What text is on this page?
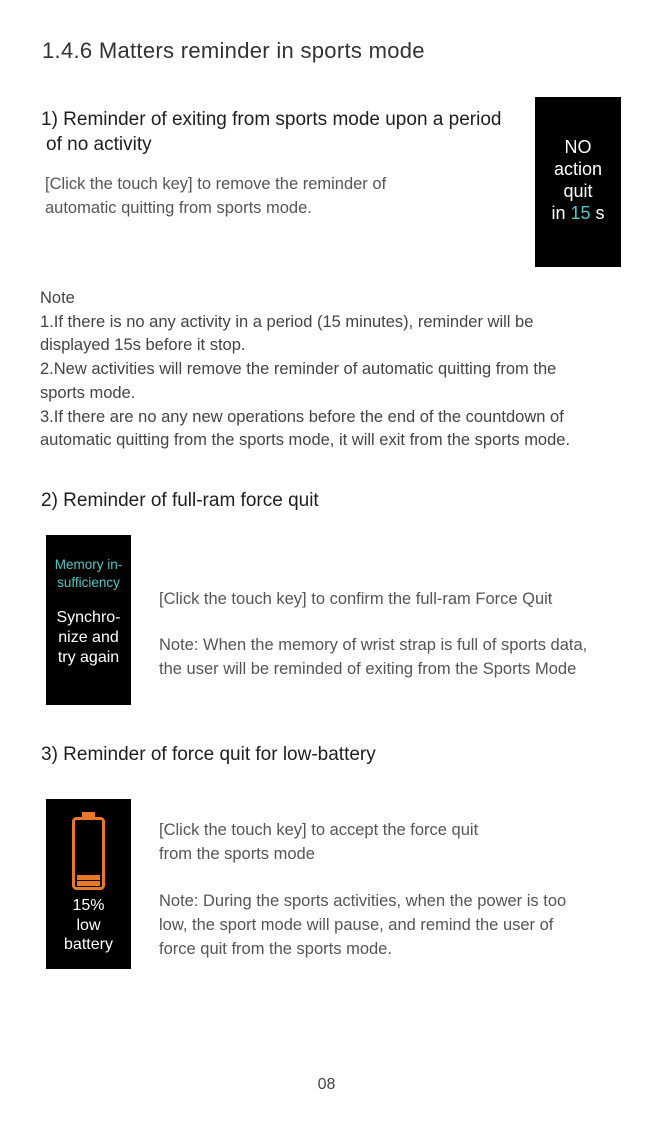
1.4.6 Matters reminder in sports mode
1) Reminder of exiting from sports mode upon a period
of no activity
[Click the touch key] to remove the reminder of
automatic quitting from sports mode.
NO
action
quit
in 15 s
Note
1.If there is no any activity in a period (15 minutes), reminder will be
displayed 15s before it stop.
2.New activities will remove the reminder of automatic quitting from the
sports mode.
3.If there are no any new operations before the end of the countdown of
automatic quitting from the sports mode, it will exit from the sports mode.
2) Reminder of full-ram force quit
Memory in-
sufficiency
Synchro-
nize and
try again
[Click the touch key] to confirm the full-ram Force Quit
Note: When the memory of wrist strap is full of sports data,
the user will be reminded of exiting from the Sports Mode
3) Reminder of force quit for low-battery
15%
low
battery
[Click the touch key] to accept the force quit
from the sports mode
Note: During the sports activities, when the power is too
low, the sport mode will pause, and remind the user of
force quit from the sports mode.
08
